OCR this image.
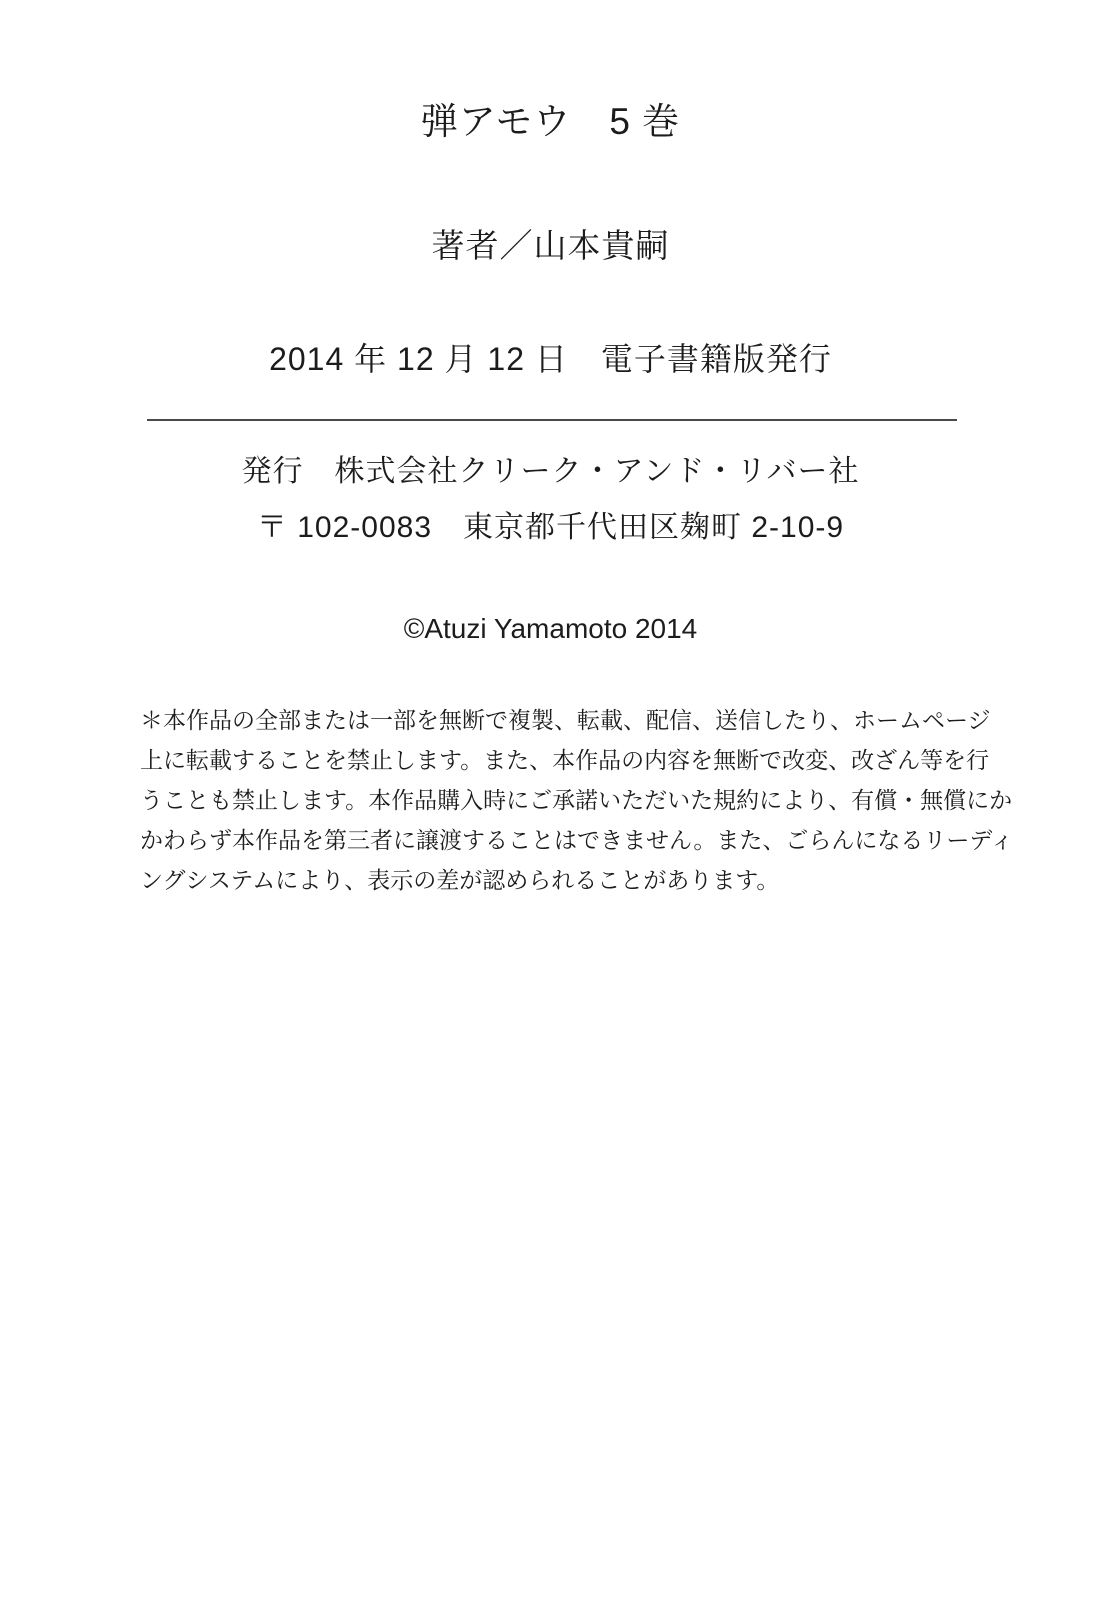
弾アモウ　5 巻
著者／山本貴嗣
2014 年 12 月 12 日　電子書籍版発行
発行　株式会社クリーク・アンド・リバー社
〒 102-0083　東京都千代田区麹町 2-10-9
©Atuzi Yamamoto 2014
＊本作品の全部または一部を無断で複製、転載、配信、送信したり、ホームページ
上に転載することを禁止します。また、本作品の内容を無断で改変、改ざん等を行
うことも禁止します。本作品購入時にご承諾いただいた規約により、有償・無償にか
かわらず本作品を第三者に譲渡することはできません。また、ごらんになるリーディ
ングシステムにより、表示の差が認められることがあります。
